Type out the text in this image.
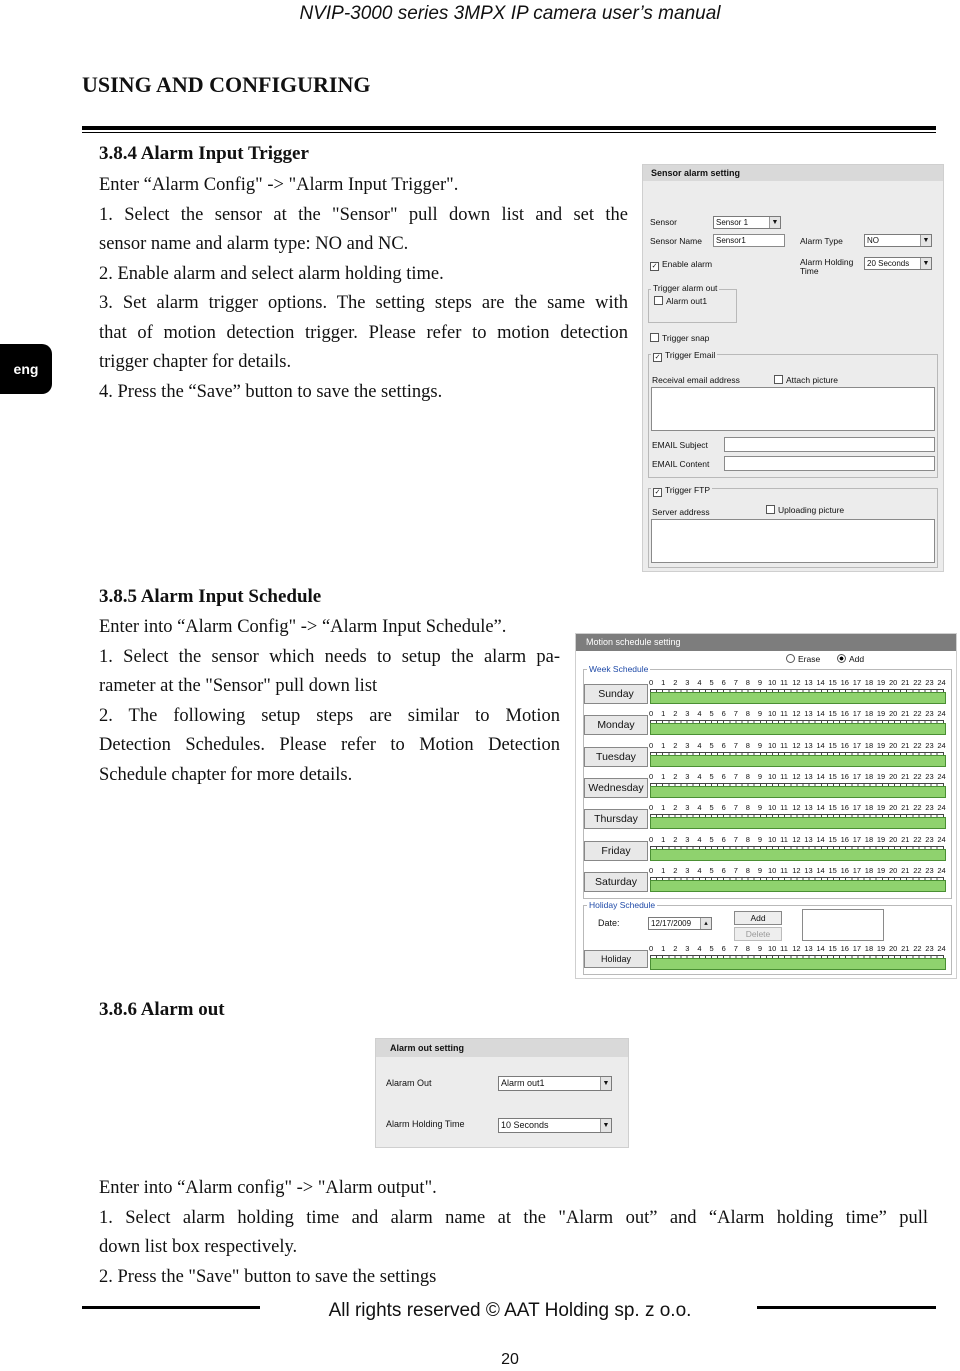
NVIP-3000 series 3MPX IP camera user’s manual
USING AND CONFIGURING
eng
3.8.4 Alarm Input Trigger
Enter “Alarm Config" -> "Alarm Input Trigger".
1. Select the sensor at the "Sensor" pull down list and set the
sensor name and alarm type: NO and NC.
2. Enable alarm and select alarm holding time.
3. Set alarm trigger options. The setting steps are the same with
that of motion detection trigger. Please refer to motion detection
trigger chapter for details.
4. Press the “Save” button to save the settings.
Sensor alarm setting
Sensor	Sensor 1	▼
Sensor Name	Sensor1	Alarm Type	NO	▼
✓ Enable alarm	Alarm Holding
Time
20 Seconds	▼
Trigger alarm out
Alarm out1
Trigger snap
✓ Trigger Email
Receival email address	Attach picture
EMAIL Subject
EMAIL Content
✓ Trigger FTP
Server address	Uploading picture
3.8.5 Alarm Input Schedule
Enter into “Alarm Config" -> “Alarm Input Schedule”.
1. Select the sensor which needs to setup the alarm pa-
rameter at the "Sensor" pull down list
2. The following setup steps are similar to Motion
Detection Schedules. Please refer to Motion Detection
Schedule chapter for more details.
Motion schedule setting
Erase	Add
Week Schedule
Sunday
0 1 2 3 4 5 6 7 8 9 10 11 12 13 14 15 16 17 18 19 20 21 22 23 24
Monday
0 1 2 3 4 5 6 7 8 9 10 11 12 13 14 15 16 17 18 19 20 21 22 23 24
Tuesday
0 1 2 3 4 5 6 7 8 9 10 11 12 13 14 15 16 17 18 19 20 21 22 23 24
Wednesday
0 1 2 3 4 5 6 7 8 9 10 11 12 13 14 15 16 17 18 19 20 21 22 23 24
Thursday
0 1 2 3 4 5 6 7 8 9 10 11 12 13 14 15 16 17 18 19 20 21 22 23 24
Friday
0 1 2 3 4 5 6 7 8 9 10 11 12 13 14 15 16 17 18 19 20 21 22 23 24
Saturday
0 1 2 3 4 5 6 7 8 9 10 11 12 13 14 15 16 17 18 19 20 21 22 23 24
Holiday Schedule
Date:	12/17/2009	▴
Add
Delete
Holiday
0 1 2 3 4 5 6 7 8 9 10 11 12 13 14 15 16 17 18 19 20 21 22 23 24
3.8.6 Alarm out
Alarm out setting
Alaram Out	Alarm out1	▼
Alarm Holding Time	10 Seconds	▼
Enter into “Alarm config" -> "Alarm output".
1. Select alarm holding time and alarm name at the "Alarm out” and “Alarm holding time” pull
down list box respectively.
2. Press the "Save" button to save the settings
All rights reserved © AAT Holding sp. z o.o.
20
